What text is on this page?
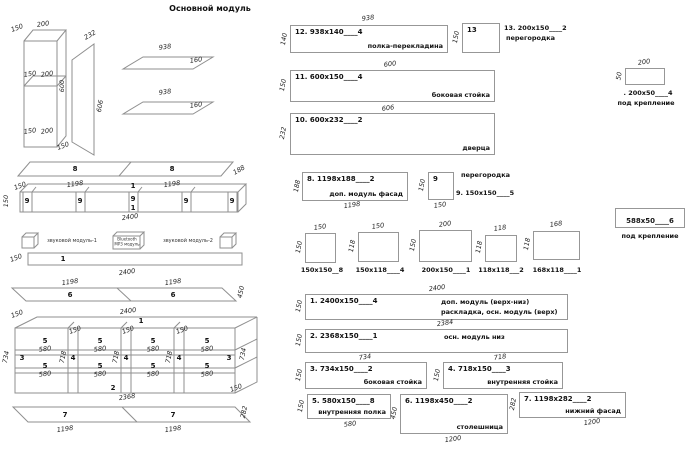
150 200
150 200
150 200
600
150
232
606
938
160
938
160
8	8
1198	1198
188
150
150
1
9	9	9	9	9
1
2400
150	1
2400
1198	1198
6	6	450
150	2400
1
150	150	150
734 3	718 4	718 4	718 4	3 734
5	5	5	5
580	580	580	580
5	5	5	5
580	580	580	580
2
2368
150
7	7
1198	1198
282
Основной модуль
звуковой модуль-1	Bluetooth
MP3 модуль	звуковой модуль-2
12. 938x140____4
полка-перекладина
938
140
13
150
13. 200x150____2
перегородка
200
50
. 200x50____4
под крепление
11. 600x150____4
боковая стойка
600
150
10. 600x232____2
дверца
606
232
8. 1198x188____2
доп. модуль фасад
188
1198
9
150
150
перегородка
9. 150x150____5
588x50____6
под крепление
150
150
150x150__8
150
118
150x118____4
200
150
200x150____1
118
118
118x118___2
168
118
168x118____1
1. 2400x150____4	доп. модуль (верх-низ)
раскладка, осн. модуль (верх)
2400
150
2. 2368x150____1	осн. модуль низ
2384
150
3. 734x150____2
боковая стойка
734
150	4. 718x150____3
внутренняя стойка
718
150
5. 580x150____8
внутренняя полка
150
580
6. 1198x450____2
столешница
450
1200
7. 1198x282____2
нижний фасад
282
1200
